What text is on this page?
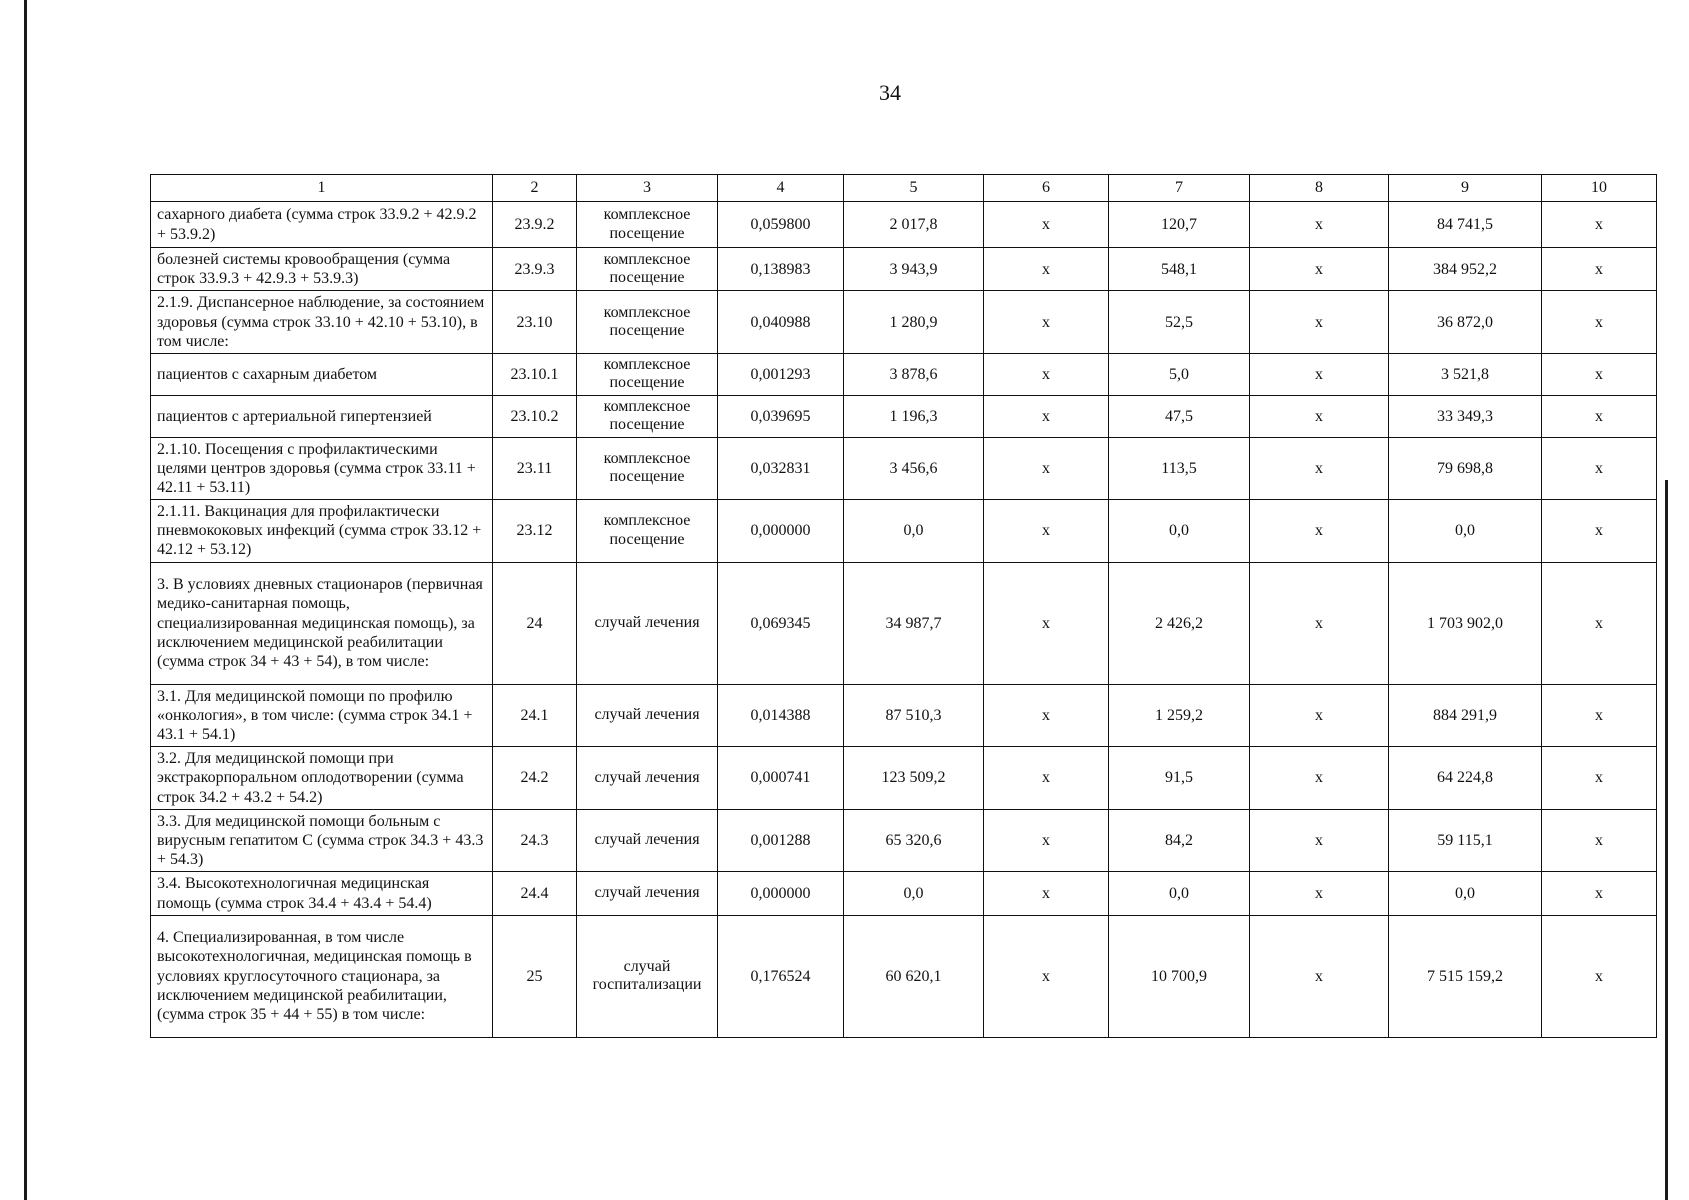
34
1	2	3	4	5	6	7	8	9	10
сахарного диабета (сумма строк 33.9.2 + 42.9.2 + 53.9.2)	23.9.2	комплексное посещение	0,059800	2 017,8	х	120,7	х	84 741,5	х
болезней системы кровообращения (сумма строк 33.9.3 + 42.9.3 + 53.9.3)	23.9.3	комплексное посещение	0,138983	3 943,9	х	548,1	х	384 952,2	х
2.1.9. Диспансерное наблюдение, за состоянием здоровья (сумма строк 33.10 + 42.10 + 53.10), в том числе:	23.10	комплексное посещение	0,040988	1 280,9	х	52,5	х	36 872,0	х
пациентов с сахарным диабетом	23.10.1	комплексное посещение	0,001293	3 878,6	х	5,0	х	3 521,8	х
пациентов с артериальной гипертензией	23.10.2	комплексное посещение	0,039695	1 196,3	х	47,5	х	33 349,3	х
2.1.10. Посещения с профилактическими целями центров здоровья (сумма строк 33.11 + 42.11 + 53.11)	23.11	комплексное посещение	0,032831	3 456,6	х	113,5	х	79 698,8	х
2.1.11. Вакцинация для профилактически пневмококовых инфекций (сумма строк 33.12 + 42.12 + 53.12)	23.12	комплексное посещение	0,000000	0,0	х	0,0	х	0,0	х
3. В условиях дневных стационаров (первичная медико-санитарная помощь, специализированная медицинская помощь), за исключением медицинской реабилитации (сумма строк 34 + 43 + 54), в том числе:	24	случай лечения	0,069345	34 987,7	х	2 426,2	х	1 703 902,0	х
3.1. Для медицинской помощи по профилю «онкология», в том числе: (сумма строк 34.1 + 43.1 + 54.1)	24.1	случай лечения	0,014388	87 510,3	х	1 259,2	х	884 291,9	х
3.2. Для медицинской помощи при экстракорпоральном оплодотворении (сумма строк 34.2 + 43.2 + 54.2)	24.2	случай лечения	0,000741	123 509,2	х	91,5	х	64 224,8	х
3.3. Для медицинской помощи больным с вирусным гепатитом С (сумма строк 34.3 + 43.3 + 54.3)	24.3	случай лечения	0,001288	65 320,6	х	84,2	х	59 115,1	х
3.4. Высокотехнологичная медицинская помощь (сумма строк 34.4 + 43.4 + 54.4)	24.4	случай лечения	0,000000	0,0	х	0,0	х	0,0	х
4. Специализированная, в том числе высокотехнологичная, медицинская помощь в условиях круглосуточного стационара, за исключением медицинской реабилитации, (сумма строк 35 + 44 + 55) в том числе:	25	случай госпитализации	0,176524	60 620,1	х	10 700,9	х	7 515 159,2	х
